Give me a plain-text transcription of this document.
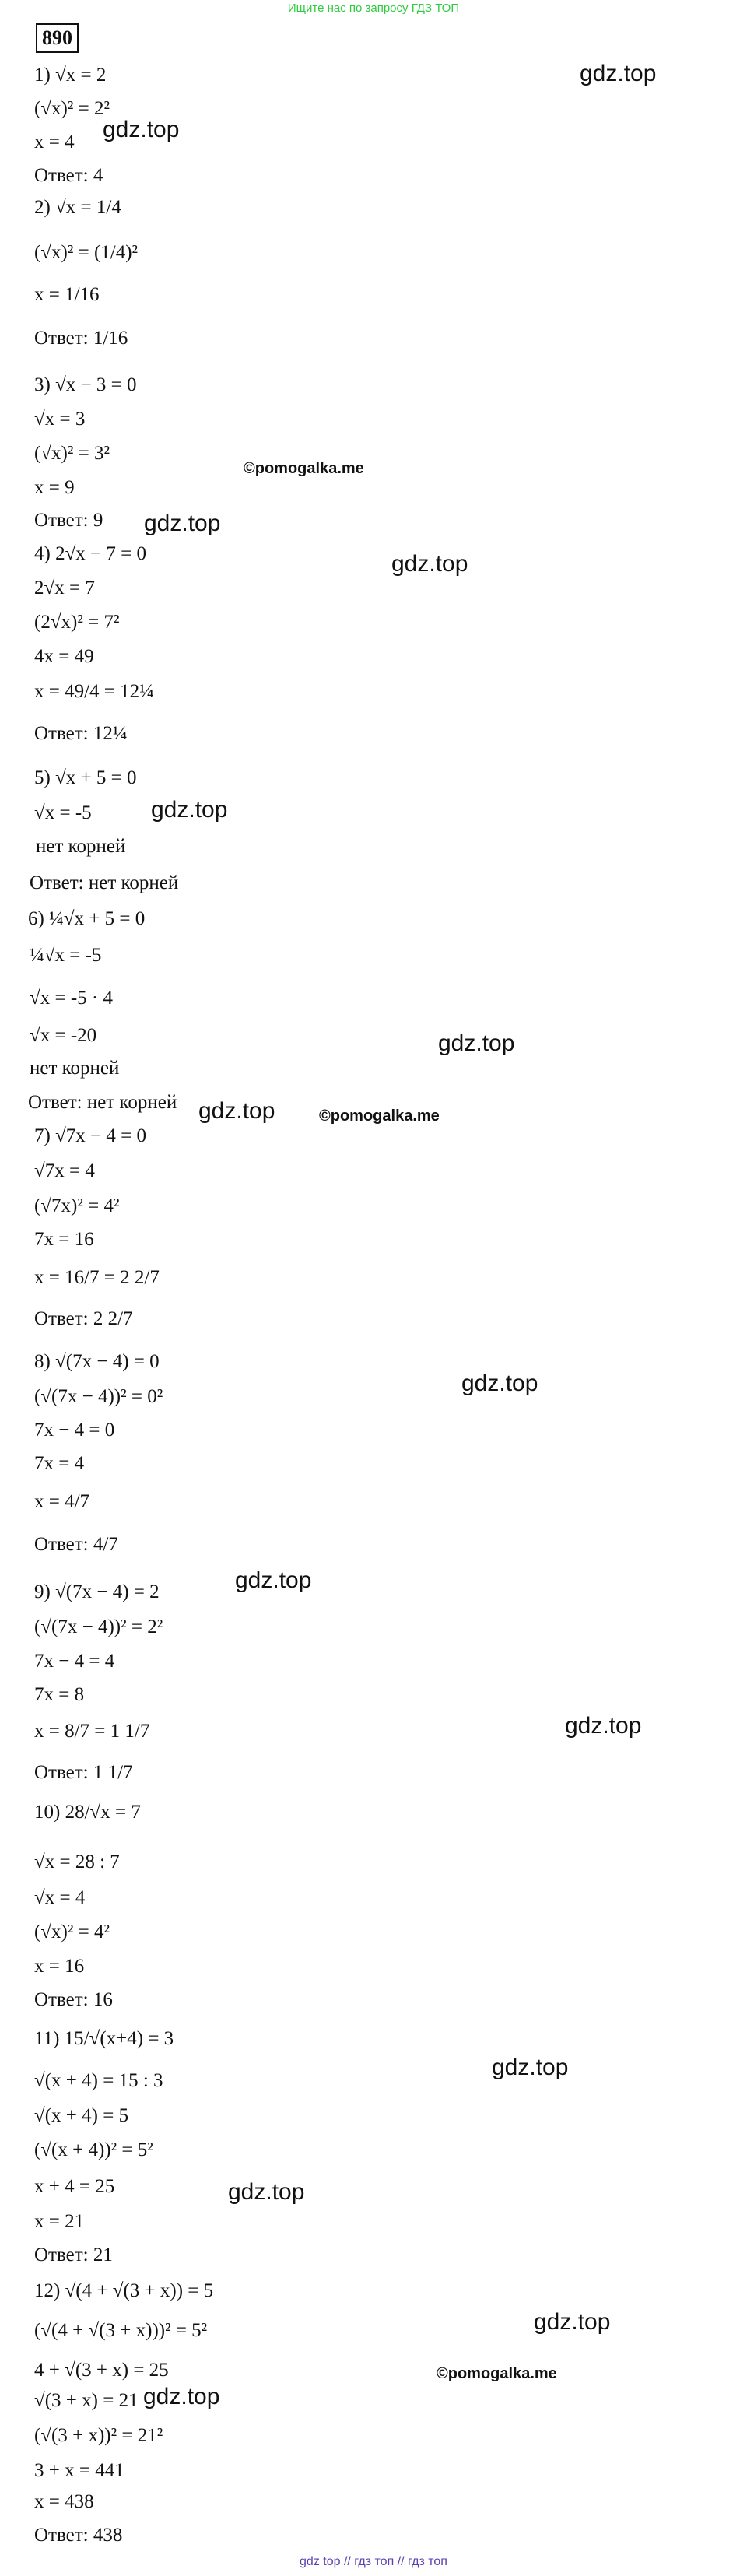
Ищите нас по запросу ГДЗ ТОП
890
1) √x = 2
(√x)² = 2²
x = 4
Ответ: 4
2) √x = 1/4
(√x)² = (1/4)²
x = 1/16
Ответ: 1/16
3) √x − 3 = 0
√x = 3
(√x)² = 3²
x = 9
Ответ: 9
4) 2√x − 7 = 0
2√x = 7
(2√x)² = 7²
4x = 49
x = 49/4 = 12¼
Ответ: 12¼
5) √x + 5 = 0
√x = -5
нет корней
Ответ: нет корней
6) ¼√x + 5 = 0
¼√x = -5
√x = -5 · 4
√x = -20
нет корней
Ответ: нет корней
7) √7x − 4 = 0
√7x = 4
(√7x)² = 4²
7x = 16
x = 16/7 = 2 2/7
Ответ: 2 2/7
8) √(7x − 4) = 0
(√(7x − 4))² = 0²
7x − 4 = 0
7x = 4
x = 4/7
Ответ: 4/7
9) √(7x − 4) = 2
(√(7x − 4))² = 2²
7x − 4 = 4
7x = 8
x = 8/7 = 1 1/7
Ответ: 1 1/7
10) 28/√x = 7
√x = 28 : 7
√x = 4
(√x)² = 4²
x = 16
Ответ: 16
11) 15/√(x+4) = 3
√(x + 4) = 15 : 3
√(x + 4) = 5
(√(x + 4))² = 5²
x + 4 = 25
x = 21
Ответ: 21
12) √(4 + √(3 + x)) = 5
(√(4 + √(3 + x)))² = 5²
4 + √(3 + x) = 25
√(3 + x) = 21
(√(3 + x))² = 21²
3 + x = 441
x = 438
Ответ: 438
gdz.top
gdz.top
gdz.top
gdz.top
gdz.top
gdz.top
gdz.top
gdz.top
gdz.top
gdz.top
gdz.top
gdz.top
gdz.top
gdz.top
©pomogalka.me
©pomogalka.me
©pomogalka.me
gdz top // гдз топ // гдз топ
